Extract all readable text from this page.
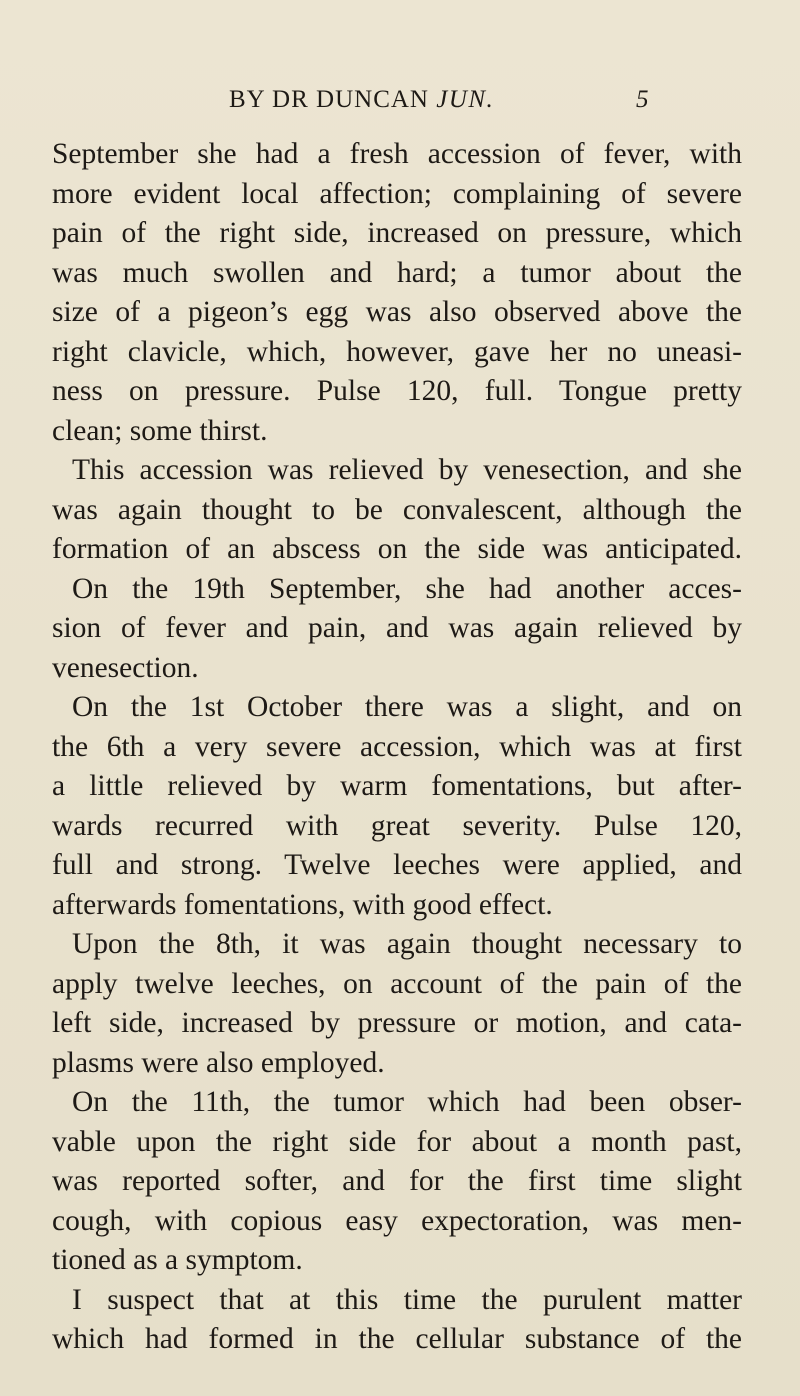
BY DR DUNCAN JUN.	5
September she had a fresh accession of fever, with
more evident local affection; complaining of severe
pain of the right side, increased on pressure, which
was much swollen and hard; a tumor about the
size of a pigeon’s egg was also observed above the
right clavicle, which, however, gave her no uneasi-
ness on pressure. Pulse 120, full. Tongue pretty
clean; some thirst.
This accession was relieved by venesection, and she
was again thought to be convalescent, although the
formation of an abscess on the side was anticipated.
On the 19th September, she had another acces-
sion of fever and pain, and was again relieved by
venesection.
On the 1st October there was a slight, and on
the 6th a very severe accession, which was at first
a little relieved by warm fomentations, but after-
wards recurred with great severity. Pulse 120,
full and strong. Twelve leeches were applied, and
afterwards fomentations, with good effect.
Upon the 8th, it was again thought necessary to
apply twelve leeches, on account of the pain of the
left side, increased by pressure or motion, and cata-
plasms were also employed.
On the 11th, the tumor which had been obser-
vable upon the right side for about a month past,
was reported softer, and for the first time slight
cough, with copious easy expectoration, was men-
tioned as a symptom.
I suspect that at this time the purulent matter
which had formed in the cellular substance of the
